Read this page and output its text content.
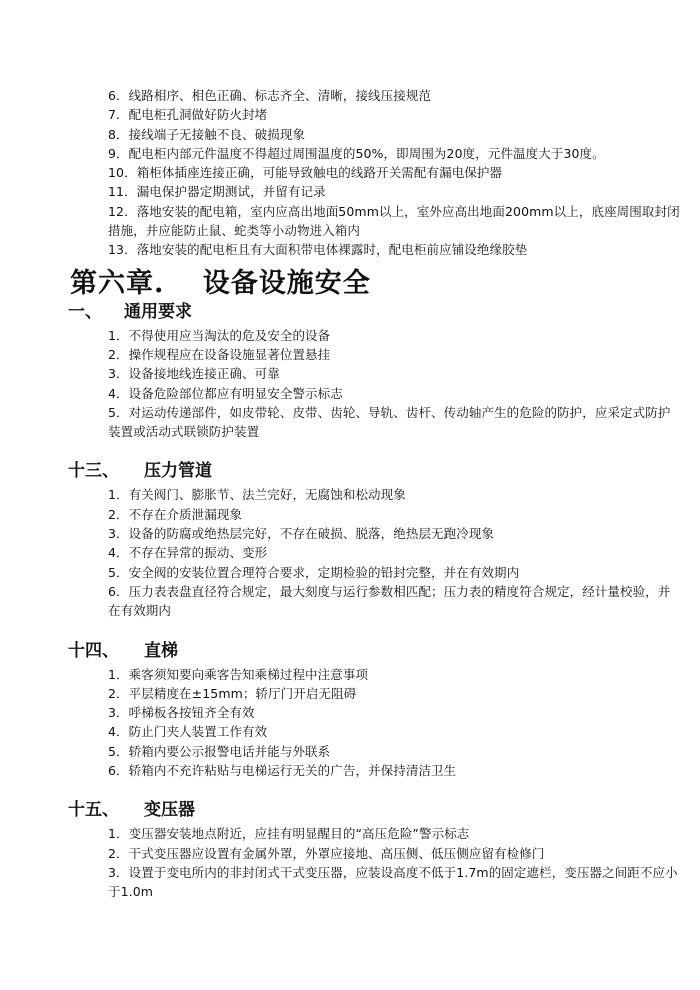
6．线路相序、相色正确、标志齐全、清晰，接线压接规范
7．配电柜孔洞做好防火封堵
8．接线端子无接触不良、破损现象
9．配电柜内部元件温度不得超过周围温度的50%，即周围为20度，元件温度大于30度。
10．箱柜体插座连接正确，可能导致触电的线路开关需配有漏电保护器
11．漏电保护器定期测试，并留有记录
12．落地安装的配电箱，室内应高出地面50mm以上，室外应高出地面200mm以上，底座周围取封闭措施，并应能防止鼠、蛇类等小动物进入箱内
13．落地安装的配电柜且有大面积带电体裸露时，配电柜前应铺设绝缘胶垫
第六章.　 设备设施安全
一、	通用要求
1．不得使用应当淘汰的危及安全的设备
2．操作规程应在设备设施显著位置悬挂
3．设备接地线连接正确、可靠
4．设备危险部位都应有明显安全警示标志
5．对运动传递部件，如皮带轮、皮带、齿轮、导轨、齿杆、传动轴产生的危险的防护，应采定式防护装置或活动式联锁防护装置
十三、	压力管道
1．有关阀门、膨胀节、法兰完好，无腐蚀和松动现象
2．不存在介质泄漏现象
3．设备的防腐或绝热层完好，不存在破损、脱落，绝热层无跑冷现象
4．不存在异常的振动、变形
5．安全阀的安装位置合理符合要求，定期检验的铅封完整，并在有效期内
6．压力表表盘直径符合规定，最大刻度与运行参数相匹配；压力表的精度符合规定，经计量校验，并在有效期内
十四、	直梯
1．乘客须知要向乘客告知乘梯过程中注意事项
2．平层精度在±15mm；轿厅门开启无阻碍
3．呼梯板各按钮齐全有效
4．防止门夹人装置工作有效
5．轿箱内要公示报警电话并能与外联系
6．轿箱内不充许粘贴与电梯运行无关的广告，并保持清洁卫生
十五、	变压器
1．变压器安装地点附近，应挂有明显醒目的“高压危险”警示标志
2．干式变压器应设置有金属外罩，外罩应接地、高压侧、低压侧应留有检修门
3．设置于变电所内的非封闭式干式变压器，应装设高度不低于1.7m的固定遮栏，变压器之间距不应小于1.0m
